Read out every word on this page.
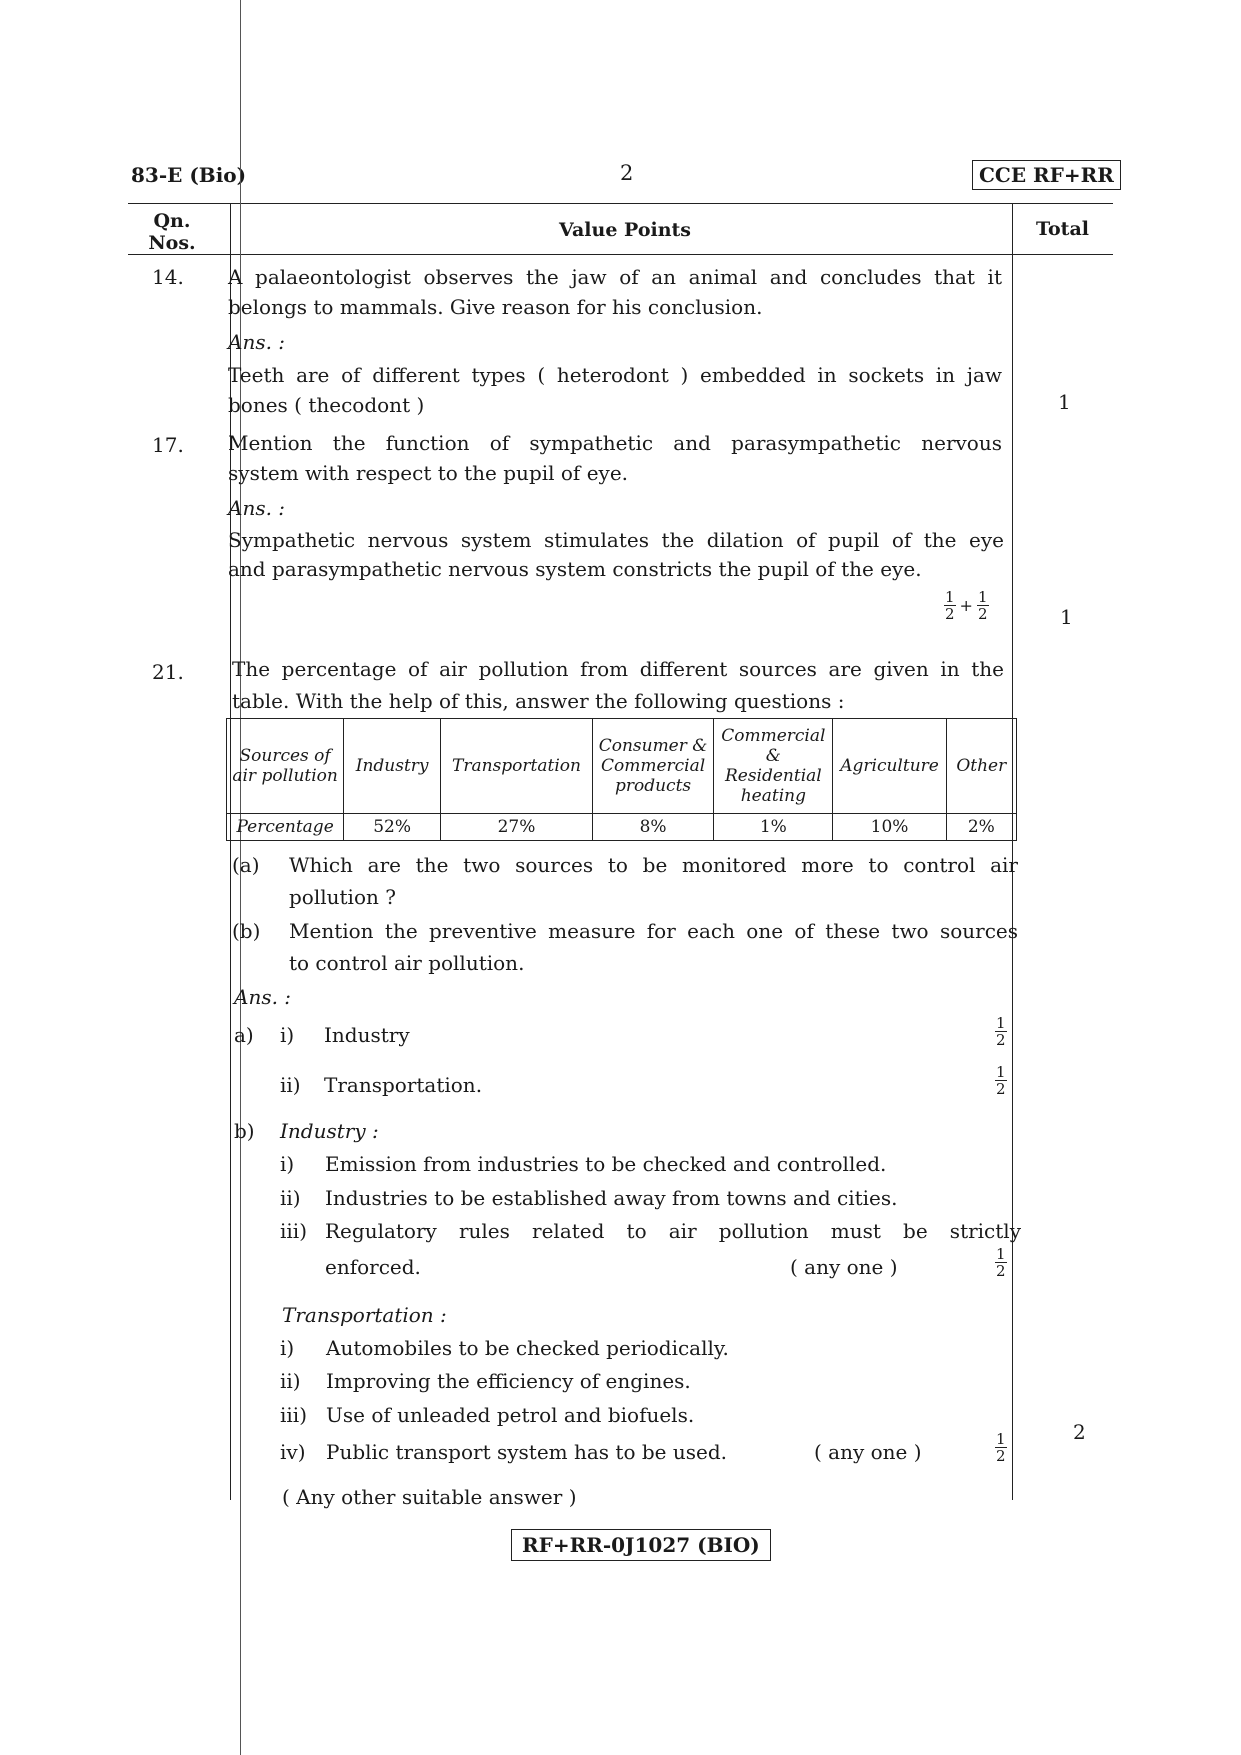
83-E (Bio)	2	CCE RF+RR
Qn. Nos.
Value Points	Total
14. A palaeontologist observes the jaw of an animal and concludes that it
belongs to mammals. Give reason for his conclusion.
Ans. :
Teeth are of different types ( heterodont ) embedded in sockets in jaw
bones ( thecodont )	1
17. Mention the function of sympathetic and parasympathetic nervous
system with respect to the pupil of eye.
Ans. :
Sympathetic nervous system stimulates the dilation of pupil of the eye
and parasympathetic nervous system constricts the pupil of the eye.
$\frac{1}{2} + \frac{1}{2}$	1
21. The percentage of air pollution from different sources are given in the
table. With the help of this, answer the following questions :
Sources of air pollution	Industry	Transportation	Consumer & Commercial products	Commercial & Residential heating	Agriculture	Other
Percentage	52%	27%	8%	1%	10%	2%
(a) Which are the two sources to be monitored more to control air
pollution ?
(b) Mention the preventive measure for each one of these two sources
to control air pollution.
Ans. :
a) i) Industry	$\frac{1}{2}$
ii) Transportation.	$\frac{1}{2}$
b) Industry :
i) Emission from industries to be checked and controlled.
ii) Industries to be established away from towns and cities.
iii) Regulatory rules related to air pollution must be strictly
enforced.	( any one )	$\frac{1}{2}$
Transportation :
i) Automobiles to be checked periodically.
ii) Improving the efficiency of engines.
iii) Use of unleaded petrol and biofuels.
iv) Public transport system has to be used.	( any one )	$\frac{1}{2}$	2
( Any other suitable answer )
RF+RR-0J1027 (BIO)
